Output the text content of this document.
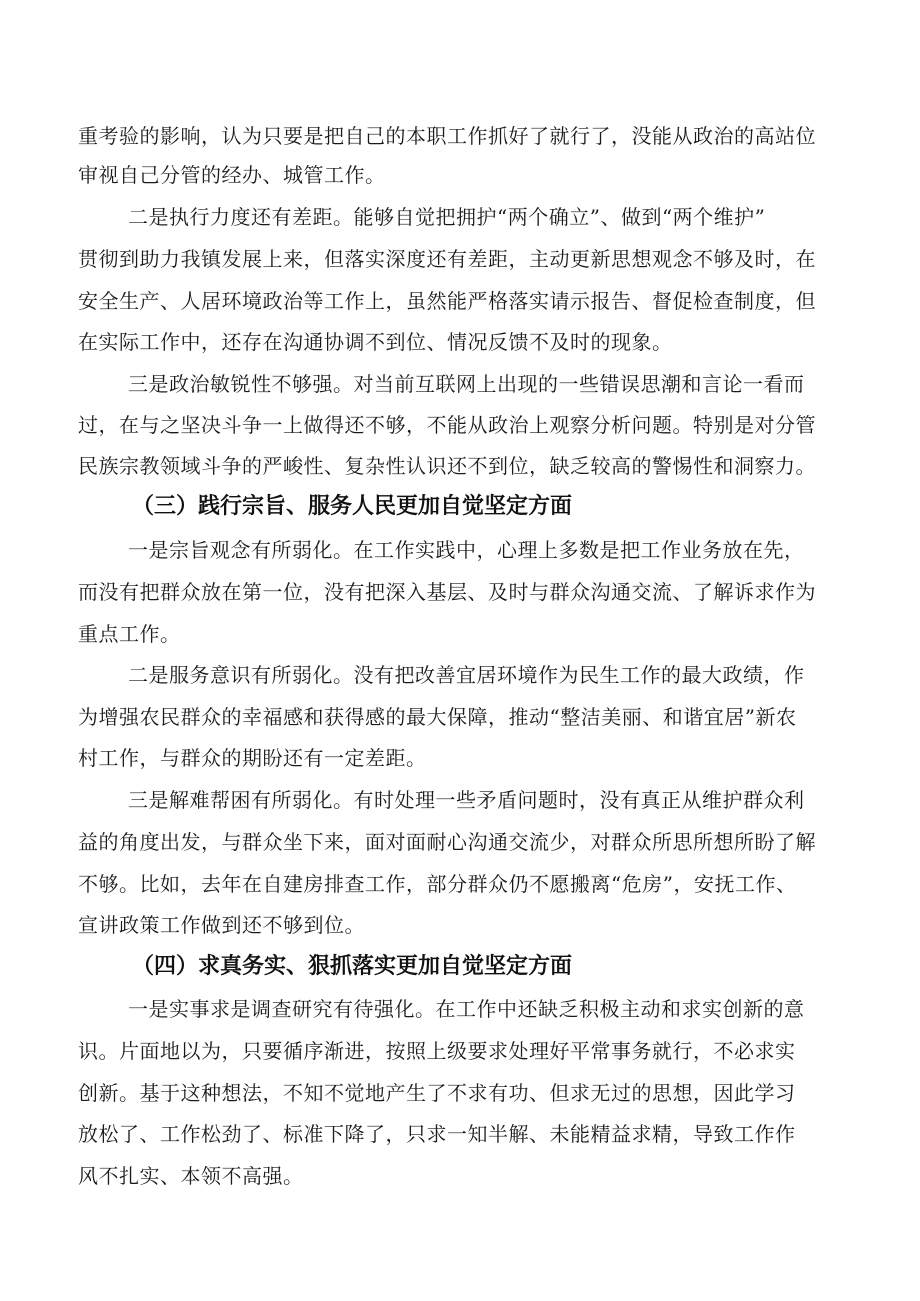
重考验的影响，认为只要是把自己的本职工作抓好了就行了，没能从政治的高站位
审视自己分管的经办、城管工作。
二是执行力度还有差距。能够自觉把拥护“两个确立”、做到“两个维护”
贯彻到助力我镇发展上来，但落实深度还有差距，主动更新思想观念不够及时，在
安全生产、人居环境政治等工作上，虽然能严格落实请示报告、督促检查制度，但
在实际工作中，还存在沟通协调不到位、情况反馈不及时的现象。
三是政治敏锐性不够强。对当前互联网上出现的一些错误思潮和言论一看而
过，在与之坚决斗争一上做得还不够，不能从政治上观察分析问题。特别是对分管
民族宗教领域斗争的严峻性、复杂性认识还不到位，缺乏较高的警惕性和洞察力。
（三）践行宗旨、服务人民更加自觉坚定方面
一是宗旨观念有所弱化。在工作实践中，心理上多数是把工作业务放在先，
而没有把群众放在第一位，没有把深入基层、及时与群众沟通交流、了解诉求作为
重点工作。
二是服务意识有所弱化。没有把改善宜居环境作为民生工作的最大政绩，作
为增强农民群众的幸福感和获得感的最大保障，推动“整洁美丽、和谐宜居”新农
村工作，与群众的期盼还有一定差距。
三是解难帮困有所弱化。有时处理一些矛盾问题时，没有真正从维护群众利
益的角度出发，与群众坐下来，面对面耐心沟通交流少，对群众所思所想所盼了解
不够。比如，去年在自建房排查工作，部分群众仍不愿搬离“危房”，安抚工作、
宣讲政策工作做到还不够到位。
（四）求真务实、狠抓落实更加自觉坚定方面
一是实事求是调查研究有待强化。在工作中还缺乏积极主动和求实创新的意
识。片面地以为，只要循序渐进，按照上级要求处理好平常事务就行，不必求实
创新。基于这种想法，不知不觉地产生了不求有功、但求无过的思想，因此学习
放松了、工作松劲了、标准下降了，只求一知半解、未能精益求精，导致工作作
风不扎实、本领不高强。
